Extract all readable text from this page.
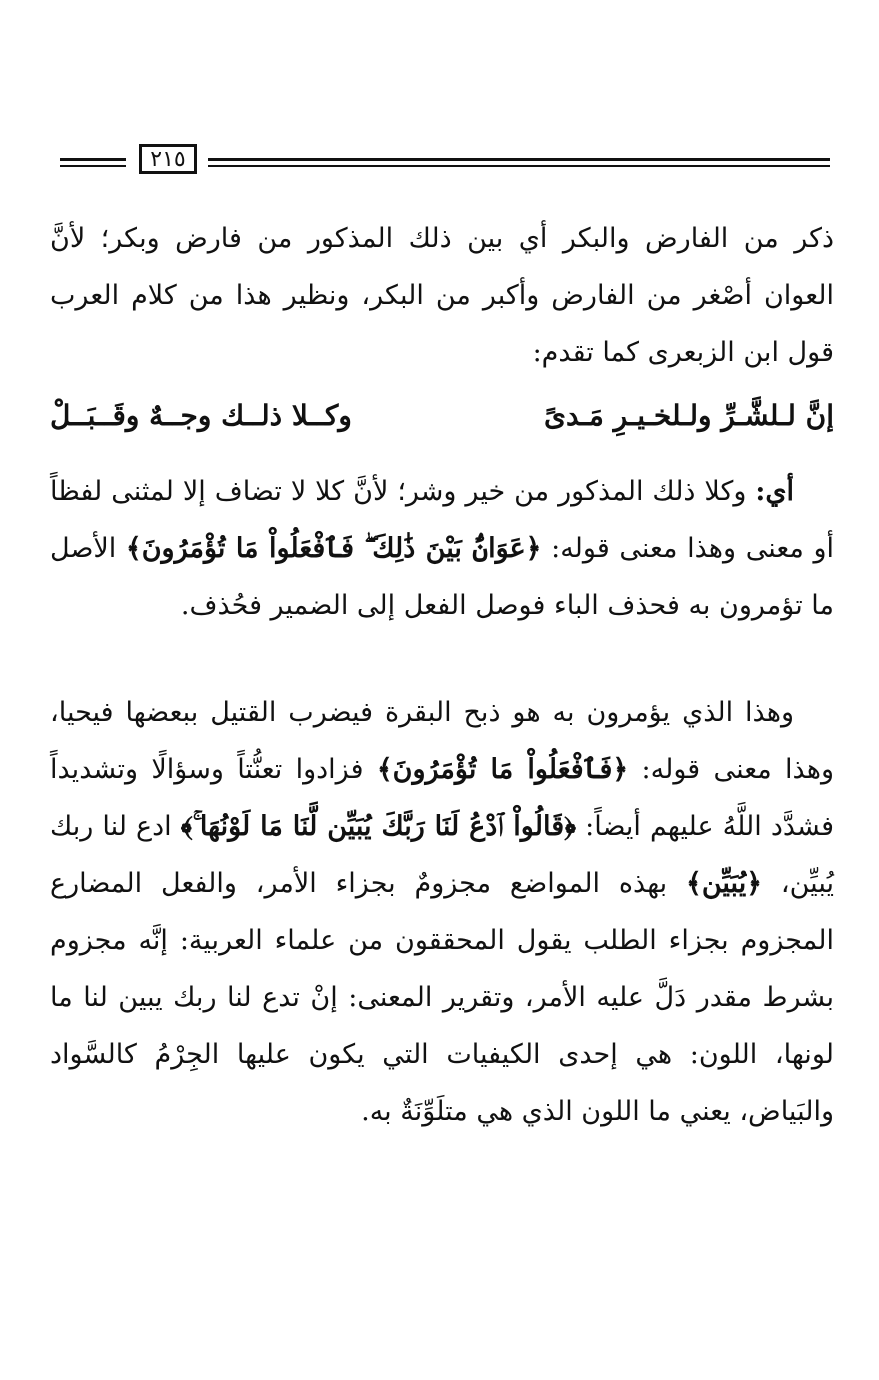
٢١٥

ذكر من الفارض والبكر أي بين ذلك المذكور من فارض وبكر؛ لأنَّ العوان أصْغر من الفارض وأكبر من البكر، ونظير هذا من كلام العرب قول ابن الزبعرى كما تقدم:

إنَّ لـلشَّـرِّ ولـلخـيـرِ مَـدىً
وكــلا ذلــك وجــهٌ وقَــبَــلْ

أي: وكلا ذلك المذكور من خير وشر؛ لأنَّ كلا لا تضاف إلا لمثنى لفظاً أو معنى وهذا معنى قوله: ﴿عَوَانٌۢ بَيْنَ ذَٰلِكَ ۖ فَٱفْعَلُواْ مَا تُؤْمَرُونَ﴾ الأصل ما تؤمرون به فحذف الباء فوصل الفعل إلى الضمير فحُذف.

وهذا الذي يؤمرون به هو ذبح البقرة فيضرب القتيل ببعضها فيحيا، وهذا معنى قوله: ﴿فَٱفْعَلُواْ مَا تُؤْمَرُونَ﴾ فزادوا تعنُّتاً وسؤالًا وتشديداً فشدَّد اللَّهُ عليهم أيضاً: ﴿قَالُواْ ٱدْعُ لَنَا رَبَّكَ يُبَيِّن لَّنَا مَا لَوْنُهَا ۚ﴾ ادع لنا ربك يُبيِّن، ﴿يُبَيِّن﴾ بهذه المواضع مجزومٌ بجزاء الأمر، والفعل المضارع المجزوم بجزاء الطلب يقول المحققون من علماء العربية: إنَّه مجزوم بشرط مقدر دَلَّ عليه الأمر، وتقرير المعنى: إنْ تدع لنا ربك يبين لنا ما لونها، اللون: هي إحدى الكيفيات التي يكون عليها الجِرْمُ كالسَّواد والبَياض، يعني ما اللون الذي هي متلَوِّنَةٌ به.
